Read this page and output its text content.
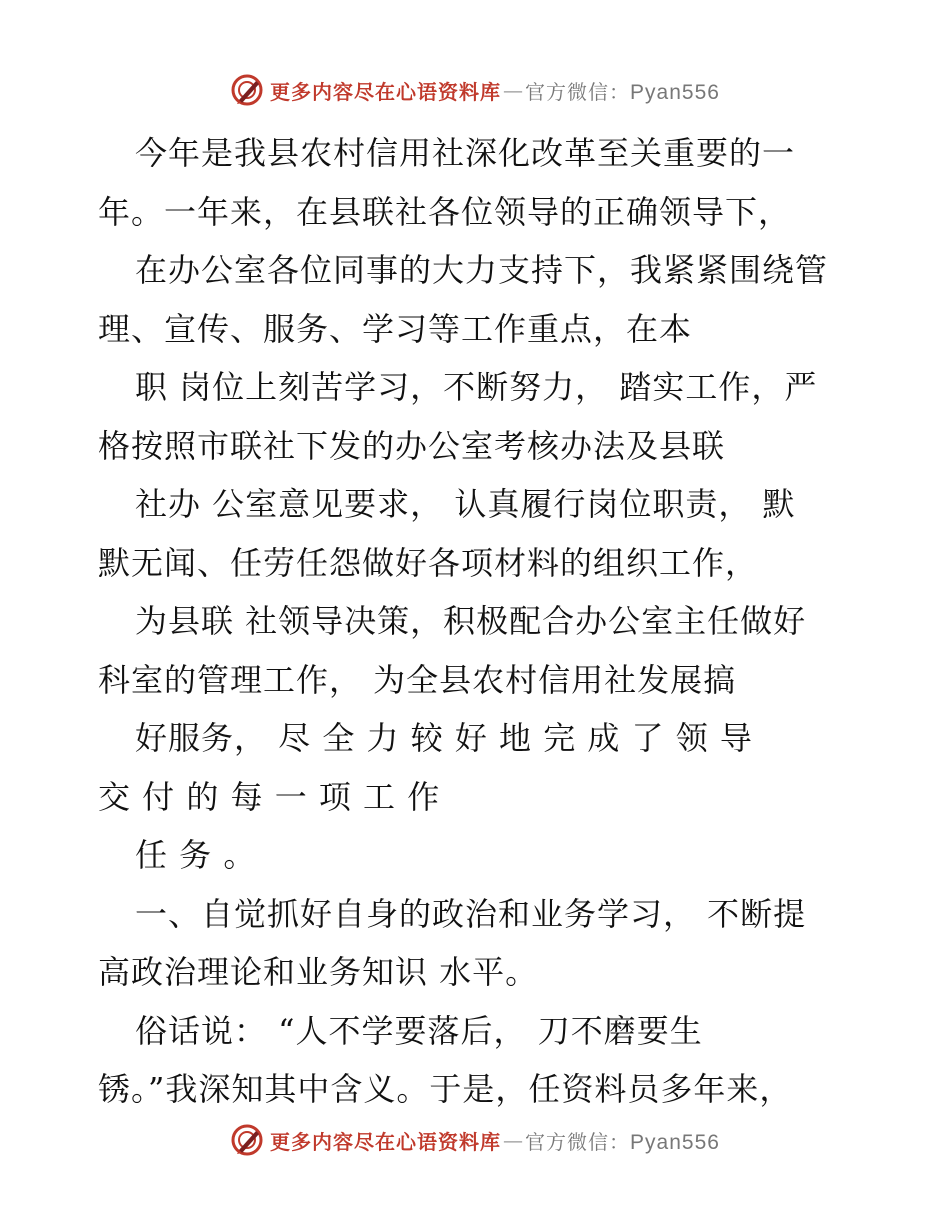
更多内容尽在心语资料库 — 官方微信：Pyan556
今年是我县农村信用社深化改革至关重要的一
年。一年来，在县联社各位领导的正确领导下，
在办公室各位同事的大力支持下，我紧紧围绕管
理、宣传、服务、学习等工作重点，在本
职 岗位上刻苦学习，不断努力， 踏实工作，严
格按照市联社下发的办公室考核办法及县联
社办 公室意见要求， 认真履行岗位职责， 默
默无闻、任劳任怨做好各项材料的组织工作，
为县联 社领导决策，积极配合办公室主任做好
科室的管理工作， 为全县农村信用社发展搞
好服务， 尽 全 力 较 好 地 完 成 了 领 导
交 付 的 每 一 项 工 作
任 务 。
一、自觉抓好自身的政治和业务学习， 不断提
高政治理论和业务知识 水平。
俗话说： “人不学要落后， 刀不磨要生
锈。”我深知其中含义。于是，任资料员多年来，
更多内容尽在心语资料库 — 官方微信：Pyan556
